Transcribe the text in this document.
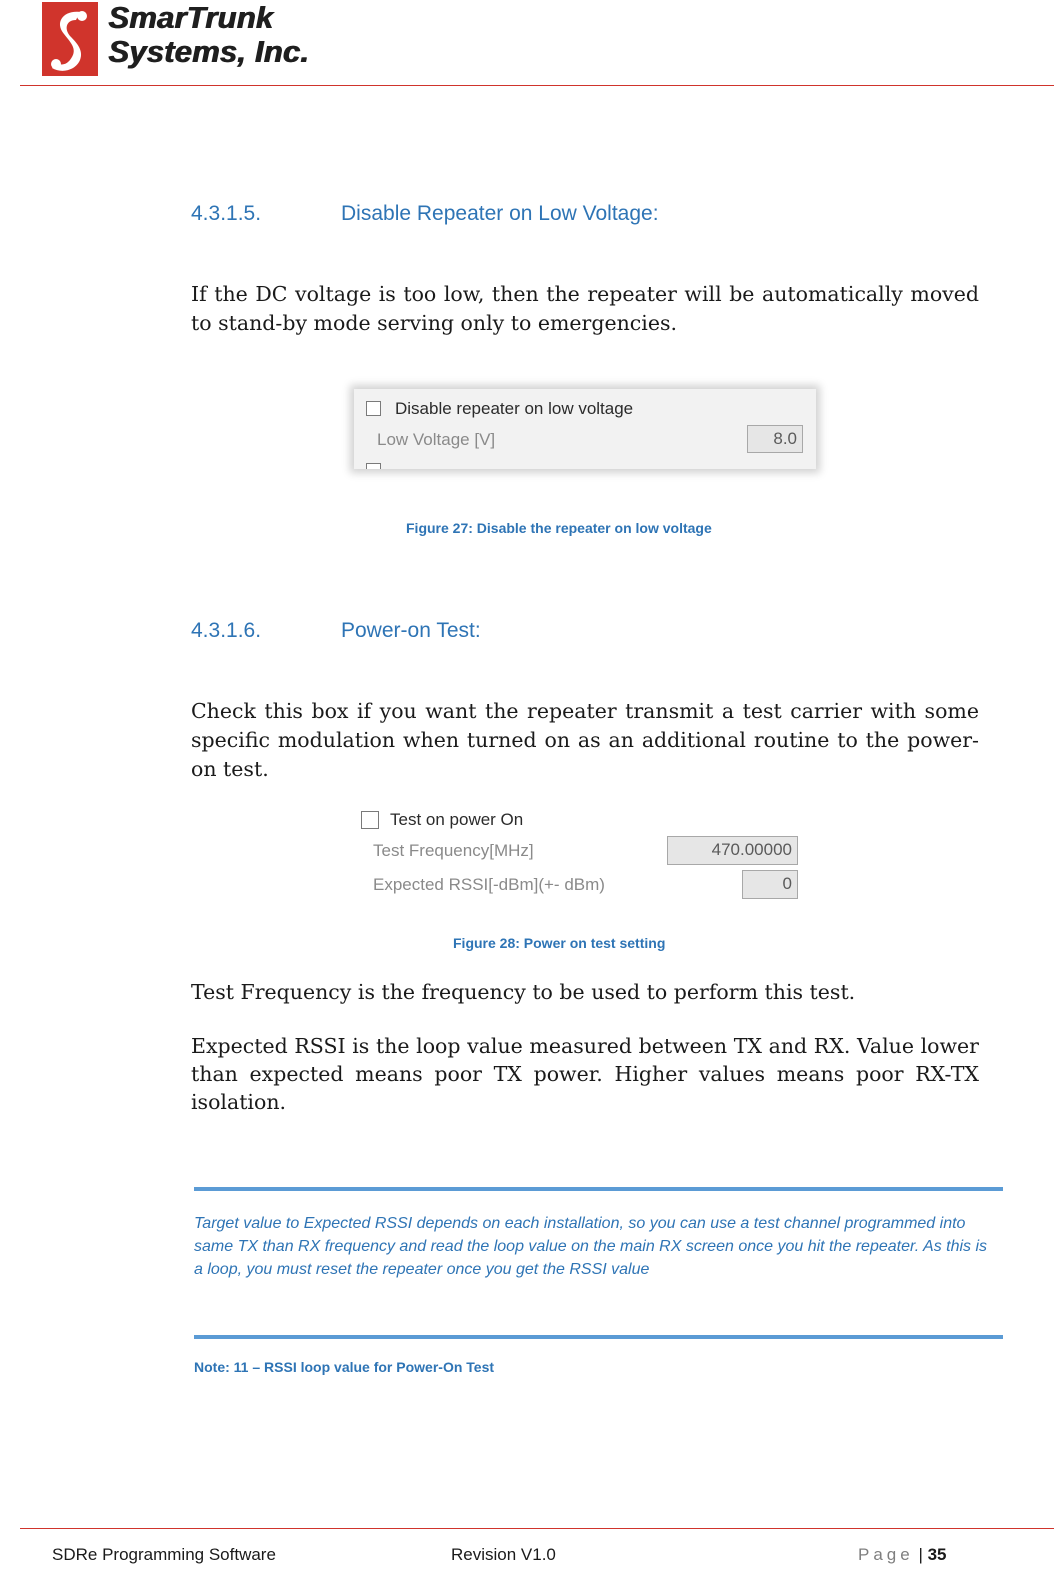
SmarTrunk
Systems, Inc.
4.3.1.5.	Disable Repeater on Low Voltage:
If the DC voltage is too low, then the repeater will be automatically moved to stand-by mode serving only to emergencies.
Disable repeater on low voltage
Low Voltage [V]	8.0
Figure 27: Disable the repeater on low voltage
4.3.1.6.	Power-on Test:
Check this box if you want the repeater transmit a test carrier with some specific modulation when turned on as an additional routine to the power-on test.
Test on power On
Test Frequency[MHz]	470.00000
Expected RSSI[-dBm](+- dBm)	0
Figure 28: Power on test setting
Test Frequency is the frequency to be used to perform this test.
Expected RSSI is the loop value measured between TX and RX. Value lower than expected means poor TX power. Higher values means poor RX-TX isolation.
Target value to Expected RSSI depends on each installation, so you can use a test channel programmed into same TX than RX frequency and read the loop value on the main RX screen once you hit the repeater. As this is a loop, you must reset the repeater once you get the RSSI value
Note: 11 – RSSI loop value for Power-On Test
SDRe Programming Software	Revision V1.0	Page | 35
